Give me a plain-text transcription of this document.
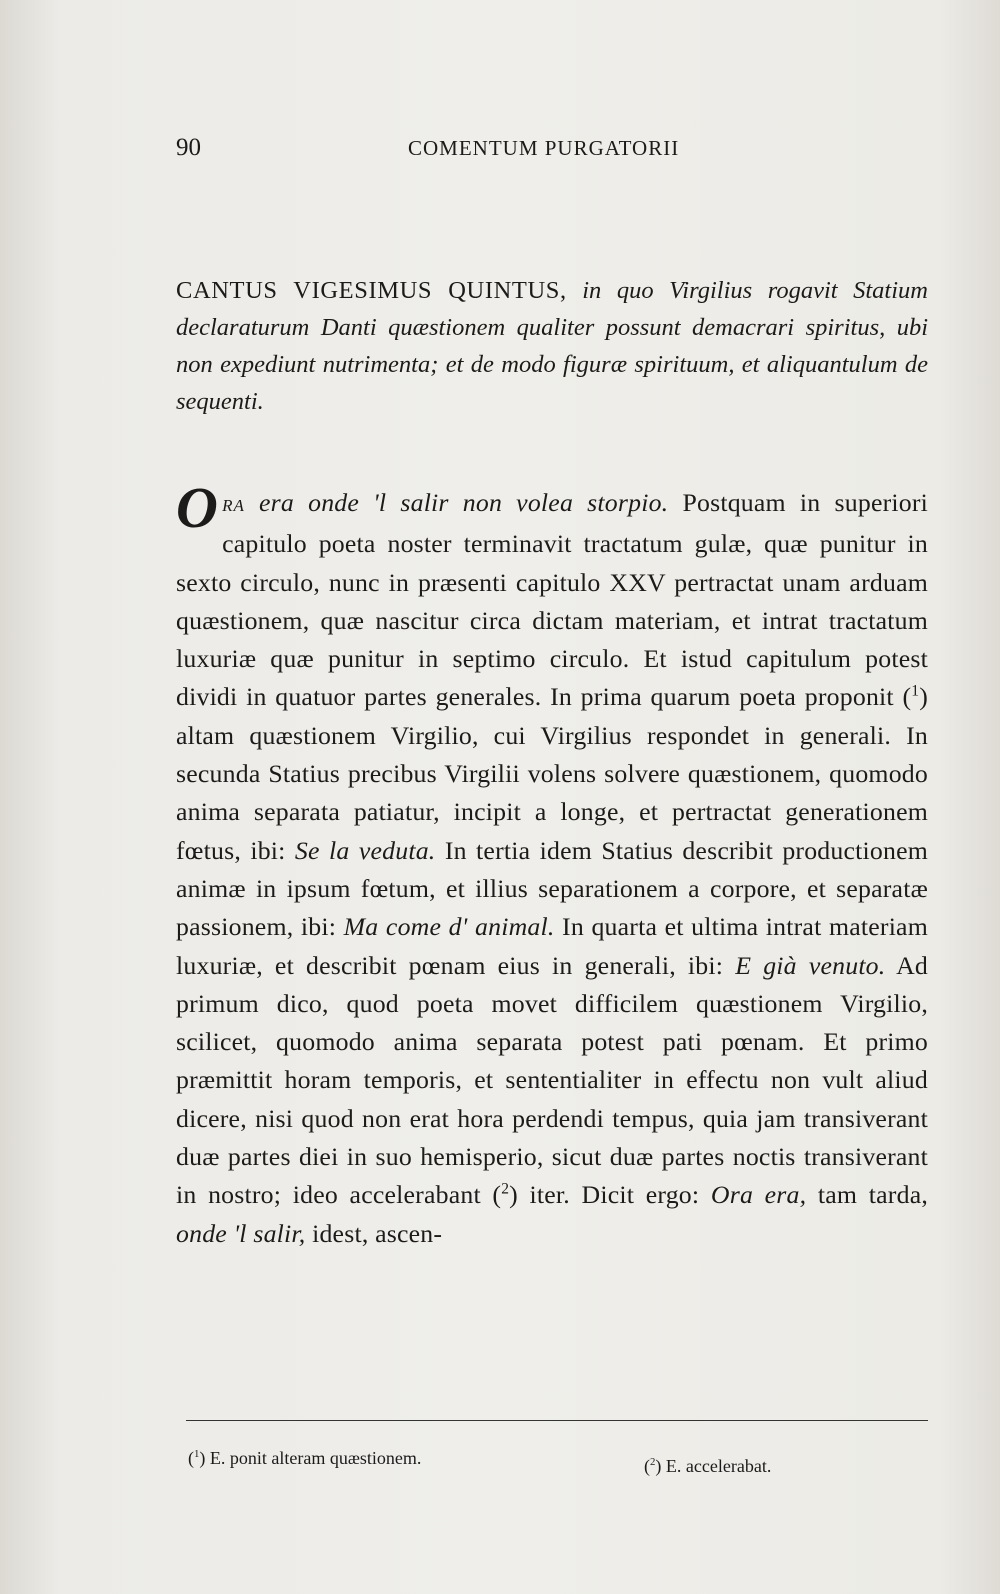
90	COMENTUM PURGATORII
CANTUS VIGESIMUS QUINTUS, in quo Virgilius rogavit Statium declaraturum Danti quæstionem qualiter possunt demacrari spiritus, ubi non expediunt nutrimenta; et de modo figuræ spirituum, et aliquantulum de sequenti.
ORA era onde 'l salir non volea storpio. Postquam in superiori capitulo poeta noster terminavit tractatum gulæ, quæ punitur in sexto circulo, nunc in præsenti capitulo XXV pertractat unam arduam quæstionem, quæ nascitur circa dictam materiam, et intrat tractatum luxuriæ quæ punitur in septimo circulo. Et istud capitulum potest dividi in quatuor partes generales. In prima quarum poeta proponit ($^1$) altam quæstionem Virgilio, cui Virgilius respondet in generali. In secunda Statius precibus Virgilii volens solvere quæstionem, quomodo anima separata patiatur, incipit a longe, et pertractat generationem fœtus, ibi: Se la veduta. In tertia idem Statius describit productionem animæ in ipsum fœtum, et illius separationem a corpore, et separatæ passionem, ibi: Ma come d' animal. In quarta et ultima intrat materiam luxuriæ, et describit pœnam eius in generali, ibi: E già venuto. Ad primum dico, quod poeta movet difficilem quæstionem Virgilio, scilicet, quomodo anima separata potest pati pœnam. Et primo præmittit horam temporis, et sententialiter in effectu non vult aliud dicere, nisi quod non erat hora perdendi tempus, quia jam transiverant duæ partes diei in suo hemisperio, sicut duæ partes noctis transiverant in nostro; ideo accelerabant ($^2$) iter. Dicit ergo: Ora era, tam tarda, onde 'l salir, idest, ascen-
($^1$) E. ponit alteram quæstionem.	($^2$) E. accelerabat.
